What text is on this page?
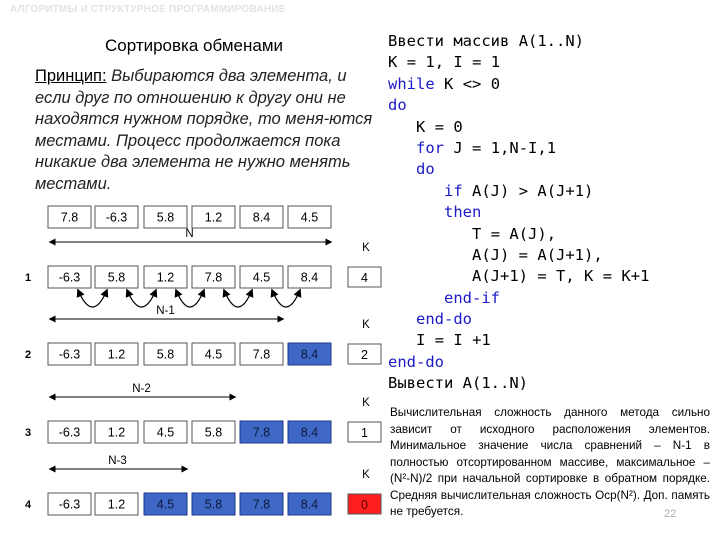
АЛГОРИТМЫ И СТРУКТУРНОЕ ПРОГРАММИРОВАНИЕ
Сортировка обменами
Принцип: Выбираются два элемента, и если друг по отношению к другу они не находятся нужном порядке, то меня-ются местами. Процесс продолжается пока никакие два элемента не нужно менять местами.
7.8 -6.3 5.8 1.2 8.4 4.5
N
K
1 -6.3 5.8	1.2 7.8 4.5 8.4	4
N-1
K
2 -6.3 1.2	5.8 4.5 7.8 8.4	2
N-2
K
3 -6.3 1.2	4.5 5.8 7.8 8.4	1
N-3
K
4 -6.3 1.2	4.5 5.8 7.8 8.4	0
Ввести массив A(1..N)
K = 1, I = 1
while K <> 0
do
K = 0
for J = 1,N-I,1
do
if A(J) > A(J+1)
then
T = A(J),
A(J) = A(J+1),
A(J+1) = T, K = K+1
end-if
end-do
I = I +1
end-do
Вывести A(1..N)
Вычислительная сложность данного метода сильно зависит от исходного расположения элементов. Минимальное значение числа сравнений – N-1 в полностью отсортированном массиве, максимальное – (N²-N)/2 при начальной сортировке в обратном порядке. Средняя вычислительная сложность Oср(N²). Доп. память не требуется.	22
